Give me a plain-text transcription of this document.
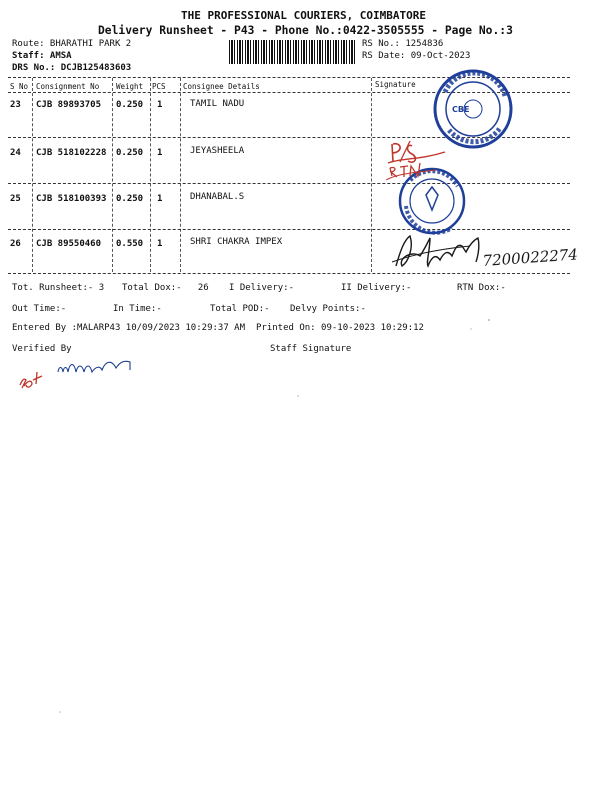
THE PROFESSIONAL COURIERS, COIMBATORE
Delivery Runsheet - P43 - Phone No.:0422-3505555 - Page No.:3
Route: BHARATHI PARK 2
Staff: AMSA
DRS No.: DCJB125483603
RS No.: 1254836
RS Date: 09-Oct-2023
S No Consignment No Weight PCS Consignee Details	Signature
23 CJB 89893705 0.250 1	TAMIL NADU
24 CJB 518102228 0.250 1	JEYASHEELA
25 CJB 518100393 0.250 1	DHANABAL.S
26 CJB 89550460 0.550 1	SHRI CHAKRA IMPEX
Tot. Runsheet:- 3 Total Dox:-   26 I Delivery:-	II Delivery:-	RTN Dox:-
Out Time:-	In Time:-	Total POD:- Delvy Points:-
Entered By :MALARP43 10/09/2023 10:29:37 AM Printed On: 09-10-2023 10:29:12
Verified By	Staff Signature
CBE
7200022274
